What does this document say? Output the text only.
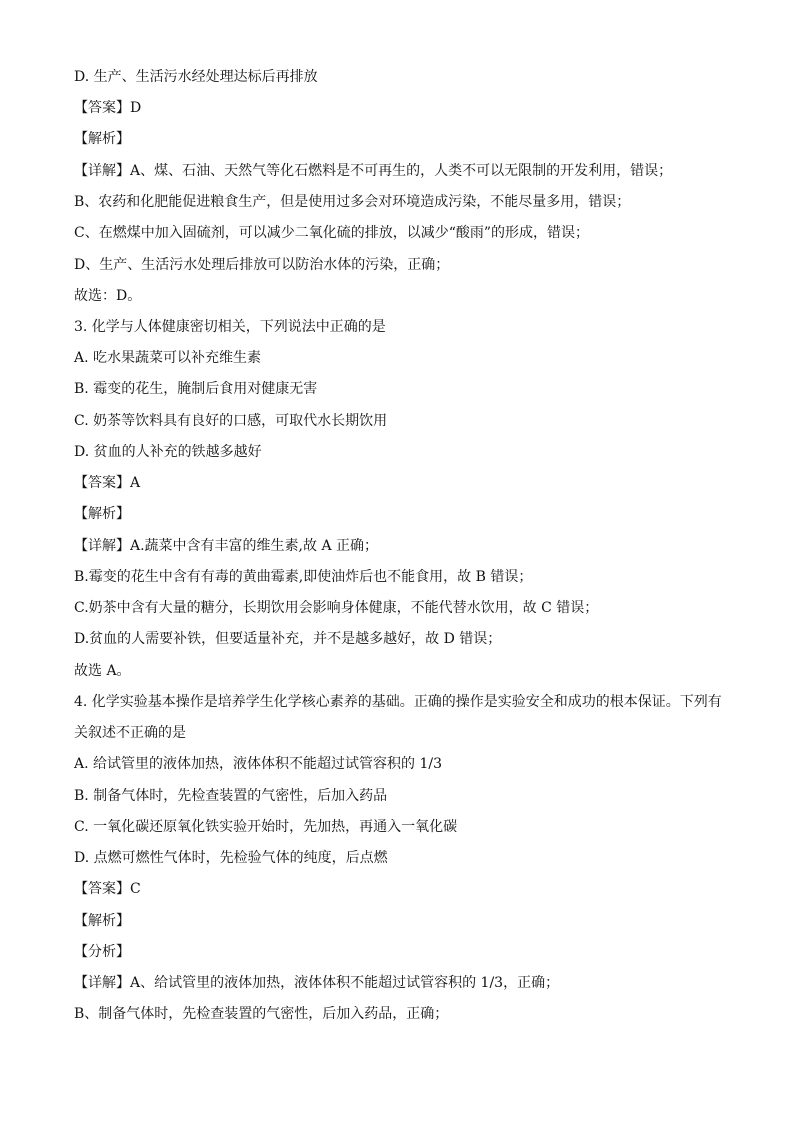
D. 生产、生活污水经处理达标后再排放
【答案】D
【解析】
【详解】A、煤、石油、天然气等化石燃料是不可再生的，人类不可以无限制的开发利用，错误；
B、农药和化肥能促进粮食生产，但是使用过多会对环境造成污染，不能尽量多用，错误；
C、在燃煤中加入固硫剂，可以减少二氧化硫的排放，以减少“酸雨”的形成，错误；
D、生产、生活污水处理后排放可以防治水体的污染，正确；
故选：D。
3. 化学与人体健康密切相关，下列说法中正确的是
A. 吃水果蔬菜可以补充维生素
B. 霉变的花生，腌制后食用对健康无害
C. 奶茶等饮料具有良好的口感，可取代水长期饮用
D. 贫血的人补充的铁越多越好
【答案】A
【解析】
【详解】A.蔬菜中含有丰富的维生素,故 A 正确；
B.霉变的花生中含有有毒的黄曲霉素,即使油炸后也不能食用，故 B 错误；
C.奶茶中含有大量的糖分，长期饮用会影响身体健康，不能代替水饮用，故 C 错误；
D.贫血的人需要补铁，但要适量补充，并不是越多越好，故 D 错误；
故选 A。
4. 化学实验基本操作是培养学生化学核心素养的基础。正确的操作是实验安全和成功的根本保证。下列有
关叙述不正确的是
A. 给试管里的液体加热，液体体积不能超过试管容积的 1/3
B. 制备气体时，先检查装置的气密性，后加入药品
C. 一氧化碳还原氧化铁实验开始时，先加热，再通入一氧化碳
D. 点燃可燃性气体时，先检验气体的纯度，后点燃
【答案】C
【解析】
【分析】
【详解】A、给试管里的液体加热，液体体积不能超过试管容积的 1/3，正确；
B、制备气体时，先检查装置的气密性，后加入药品，正确；
